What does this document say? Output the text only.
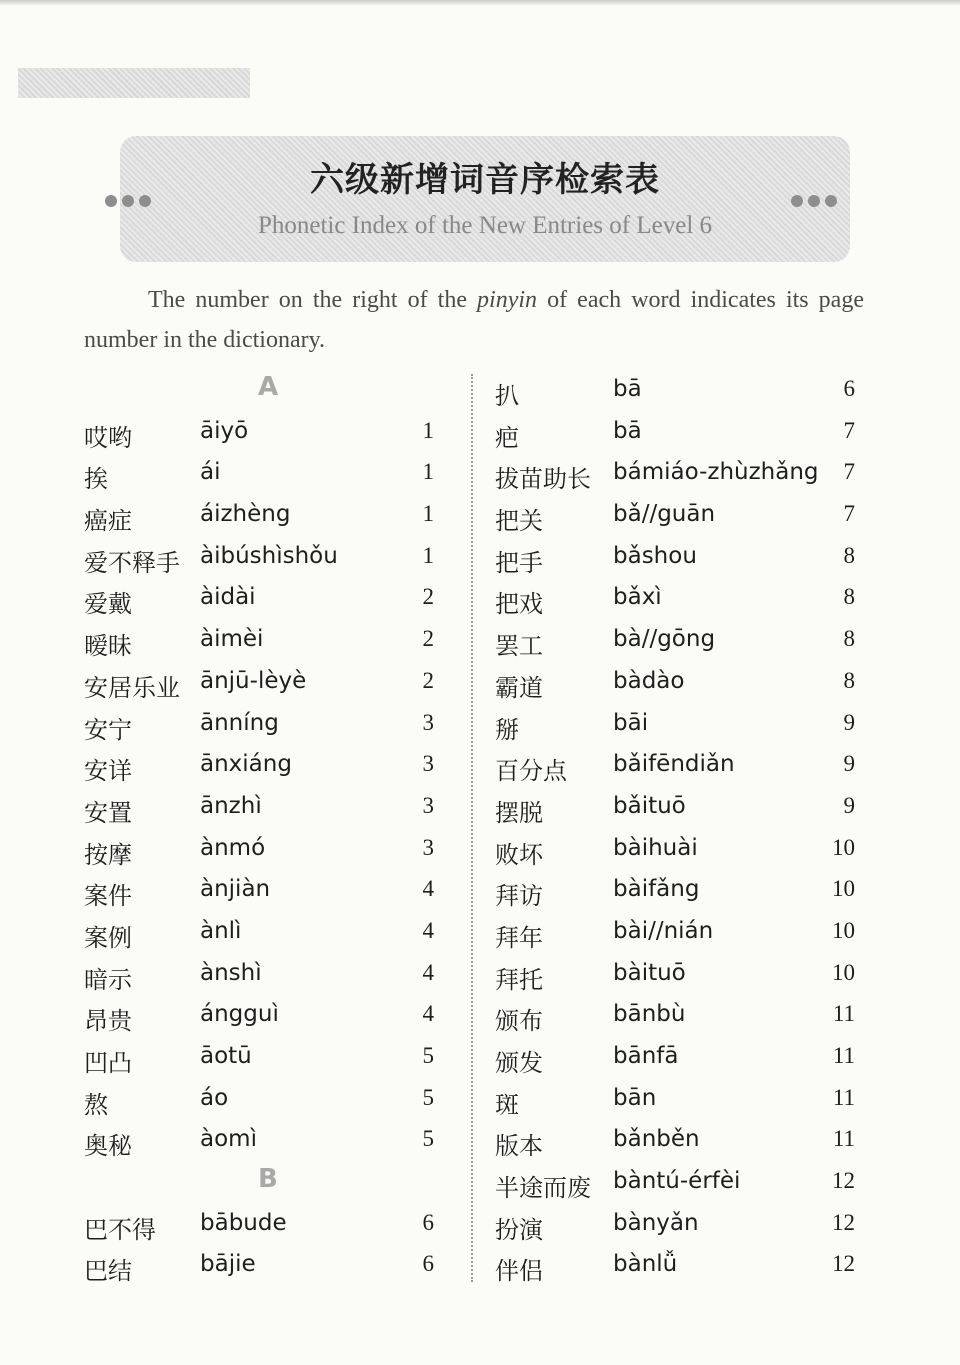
六级新增词音序检索表
Phonetic Index of the New Entries of Level 6

The number on the right of the pinyin of each word indicates its page number in the dictionary.

A
哎哟	āiyō	1
挨	ái	1
癌症	áizhèng	1
爱不释手 àibúshìshǒu	1
爱戴	àidài	2
暧昧	àimèi	2
安居乐业 ānjū-lèyè	2
安宁	ānníng	3
安详	ānxiáng	3
安置	ānzhì	3
按摩	ànmó	3
案件	ànjiàn	4
案例	ànlì	4
暗示	ànshì	4
昂贵	ángguì	4
凹凸	āotū	5
熬	áo	5
奥秘	àomì	5
B
巴不得 bābude	6
巴结	bājie	6
扒	bā	6
疤	bā	7
拔苗助长 bámiáo-zhùzhǎng 7
把关	bǎ//guān	7
把手	bǎshou	8
把戏	bǎxì	8
罢工	bà//gōng	8
霸道	bàdào	8
掰	bāi	9
百分点 bǎifēndiǎn	9
摆脱	bǎituō	9
败坏	bàihuài	10
拜访	bàifǎng	10
拜年	bài//nián	10
拜托	bàituō	10
颁布	bānbù	11
颁发	bānfā	11
斑	bān	11
版本	bǎnběn	11
半途而废 bàntú-érfèi	12
扮演	bànyǎn	12
伴侣	bànlǚ	12
